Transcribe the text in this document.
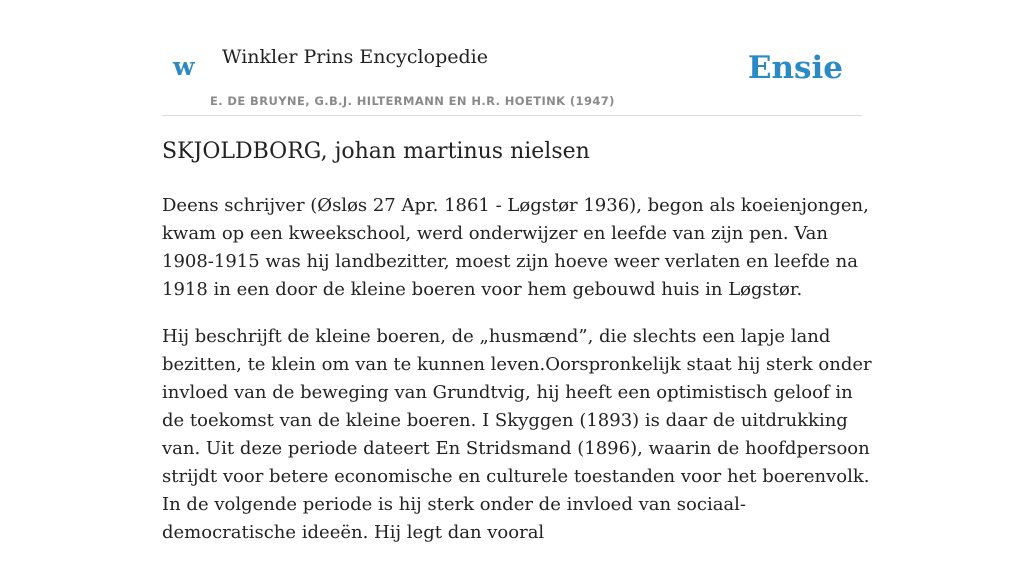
w Winkler Prins Encyclopedie
E. DE BRUYNE, G.B.J. HILTERMANN EN H.R. HOETINK (1947)
Ensie
SKJOLDBORG, johan martinus nielsen

Deens schrijver (Øsløs 27 Apr. 1861 - Løgstør 1936), begon als koeienjongen, kwam op een kweekschool, werd onderwijzer en leefde van zijn pen. Van 1908-1915 was hij landbezitter, moest zijn hoeve weer verlaten en leefde na 1918 in een door de kleine boeren voor hem gebouwd huis in Løgstør.

Hij beschrijft de kleine boeren, de „husmænd”, die slechts een lapje land bezitten, te klein om van te kunnen leven.Oorspronkelijk staat hij sterk onder invloed van de beweging van Grundtvig, hij heeft een optimistisch geloof in de toekomst van de kleine boeren. I Skyggen (1893) is daar de uitdrukking van. Uit deze periode dateert En Stridsmand (1896), waarin de hoofdpersoon strijdt voor betere economische en culturele toestanden voor het boerenvolk. In de volgende periode is hij sterk onder de invloed van sociaal-democratische ideeën. Hij legt dan vooral
